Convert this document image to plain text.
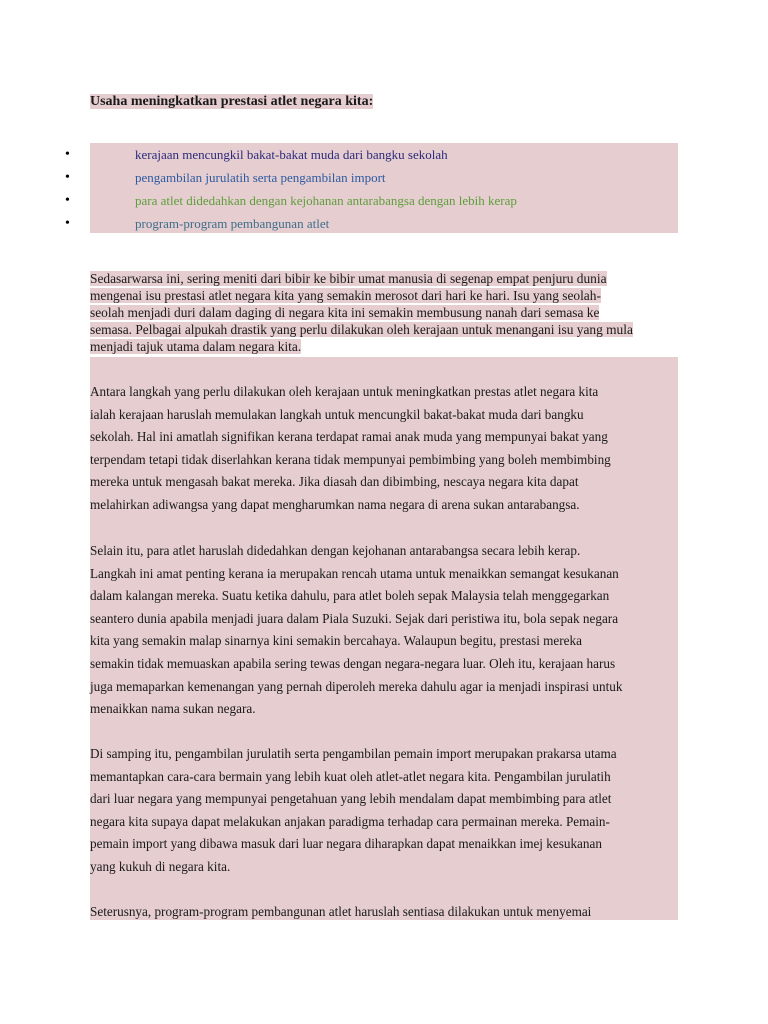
Usaha meningkatkan prestasi atlet negara kita:
•	kerajaan mencungkil bakat-bakat muda dari bangku sekolah
•	pengambilan jurulatih serta pengambilan import
•	para atlet didedahkan dengan kejohanan antarabangsa dengan lebih kerap
•	program-program pembangunan atlet
Sedasarwarsa ini, sering meniti dari bibir ke bibir umat manusia di segenap empat penjuru dunia
mengenai isu prestasi atlet negara kita yang semakin merosot dari hari ke hari. Isu yang seolah-
seolah menjadi duri dalam daging di negara kita ini semakin membusung nanah dari semasa ke
semasa. Pelbagai alpukah drastik yang perlu dilakukan oleh kerajaan untuk menangani isu yang mula
menjadi tajuk utama dalam negara kita.
Antara langkah yang perlu dilakukan oleh kerajaan untuk meningkatkan prestas atlet negara kita
ialah kerajaan haruslah memulakan langkah untuk mencungkil bakat-bakat muda dari bangku
sekolah. Hal ini amatlah signifikan kerana terdapat ramai anak muda yang mempunyai bakat yang
terpendam tetapi tidak diserlahkan kerana tidak mempunyai pembimbing yang boleh membimbing
mereka untuk mengasah bakat mereka. Jika diasah dan dibimbing, nescaya negara kita dapat
melahirkan adiwangsa yang dapat mengharumkan nama negara di arena sukan antarabangsa.
Selain itu, para atlet haruslah didedahkan dengan kejohanan antarabangsa secara lebih kerap.
Langkah ini amat penting kerana ia merupakan rencah utama untuk menaikkan semangat kesukanan
dalam kalangan mereka. Suatu ketika dahulu, para atlet boleh sepak Malaysia telah menggegarkan
seantero dunia apabila menjadi juara dalam Piala Suzuki. Sejak dari peristiwa itu, bola sepak negara
kita yang semakin malap sinarnya kini semakin bercahaya. Walaupun begitu, prestasi mereka
semakin tidak memuaskan apabila sering tewas dengan negara-negara luar. Oleh itu, kerajaan harus
juga memaparkan kemenangan yang pernah diperoleh mereka dahulu agar ia menjadi inspirasi untuk
menaikkan nama sukan negara.
Di samping itu, pengambilan jurulatih serta pengambilan pemain import merupakan prakarsa utama
memantapkan cara-cara bermain yang lebih kuat oleh atlet-atlet negara kita. Pengambilan jurulatih
dari luar negara yang mempunyai pengetahuan yang lebih mendalam dapat membimbing para atlet
negara kita supaya dapat melakukan anjakan paradigma terhadap cara permainan mereka. Pemain-
pemain import yang dibawa masuk dari luar negara diharapkan dapat menaikkan imej kesukanan
yang kukuh di negara kita.
Seterusnya, program-program pembangunan atlet haruslah sentiasa dilakukan untuk menyemai
